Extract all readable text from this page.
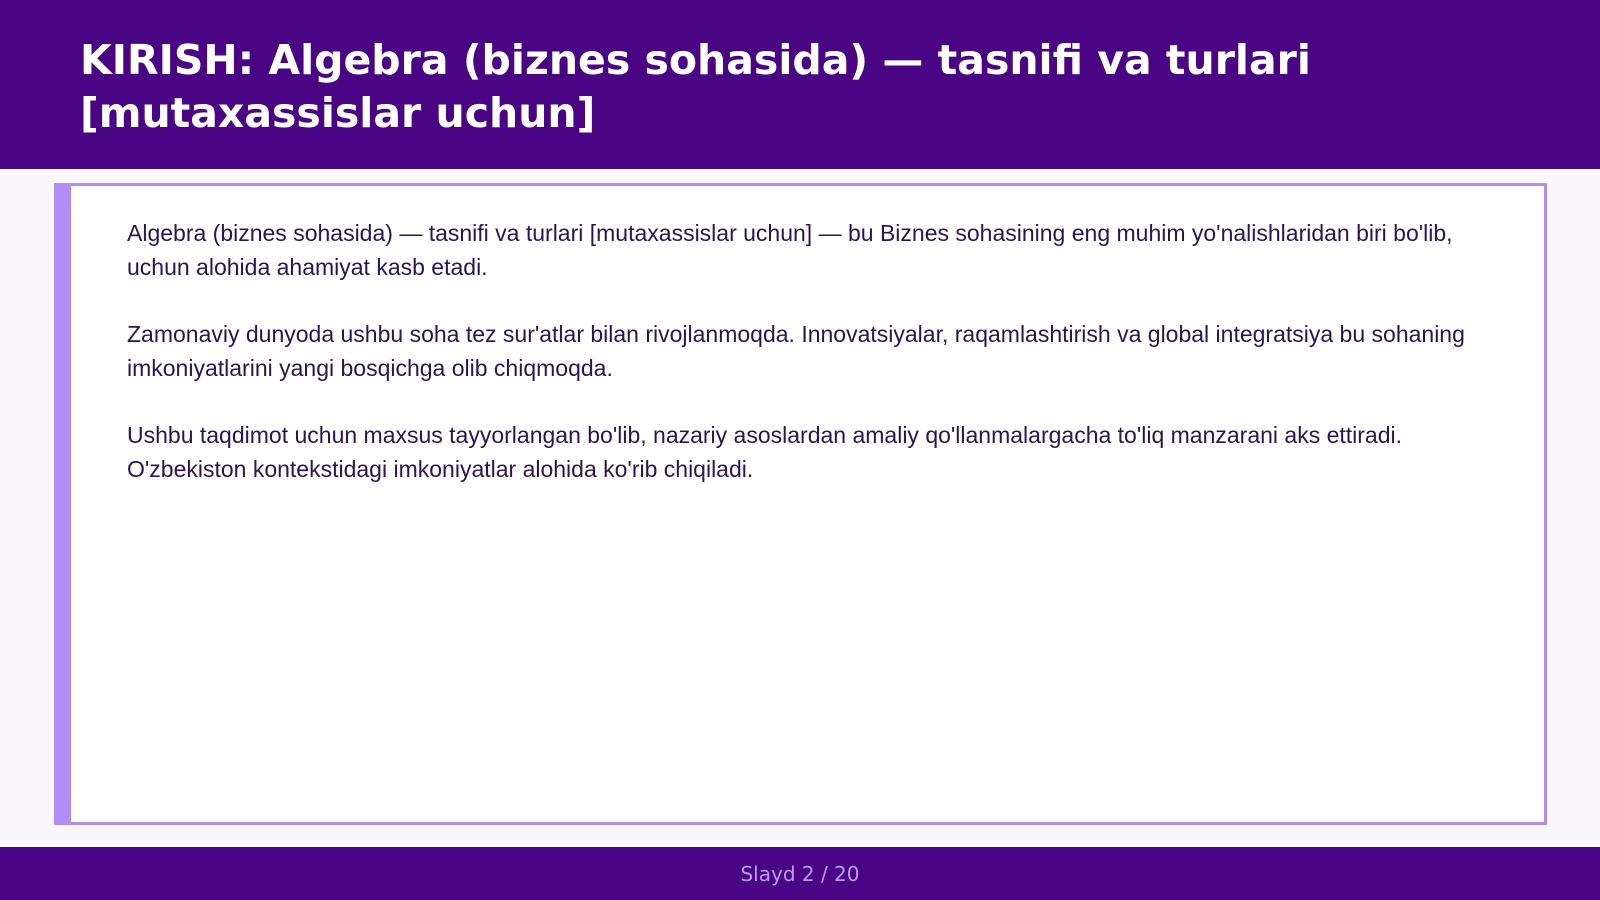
KIRISH: Algebra (biznes sohasida) — tasnifi va turlari [mutaxassislar uchun]

Algebra (biznes sohasida) — tasnifi va turlari [mutaxassislar uchun] — bu Biznes sohasining eng muhim yo'nalishlaridan biri bo'lib, uchun alohida ahamiyat kasb etadi.

Zamonaviy dunyoda ushbu soha tez sur'atlar bilan rivojlanmoqda. Innovatsiyalar, raqamlashtirish va global integratsiya bu sohaning imkoniyatlarini yangi bosqichga olib chiqmoqda.

Ushbu taqdimot uchun maxsus tayyorlangan bo'lib, nazariy asoslardan amaliy qo'llanmalargacha to'liq manzarani aks ettiradi. O'zbekiston kontekstidagi imkoniyatlar alohida ko'rib chiqiladi.

Slayd 2 / 20
